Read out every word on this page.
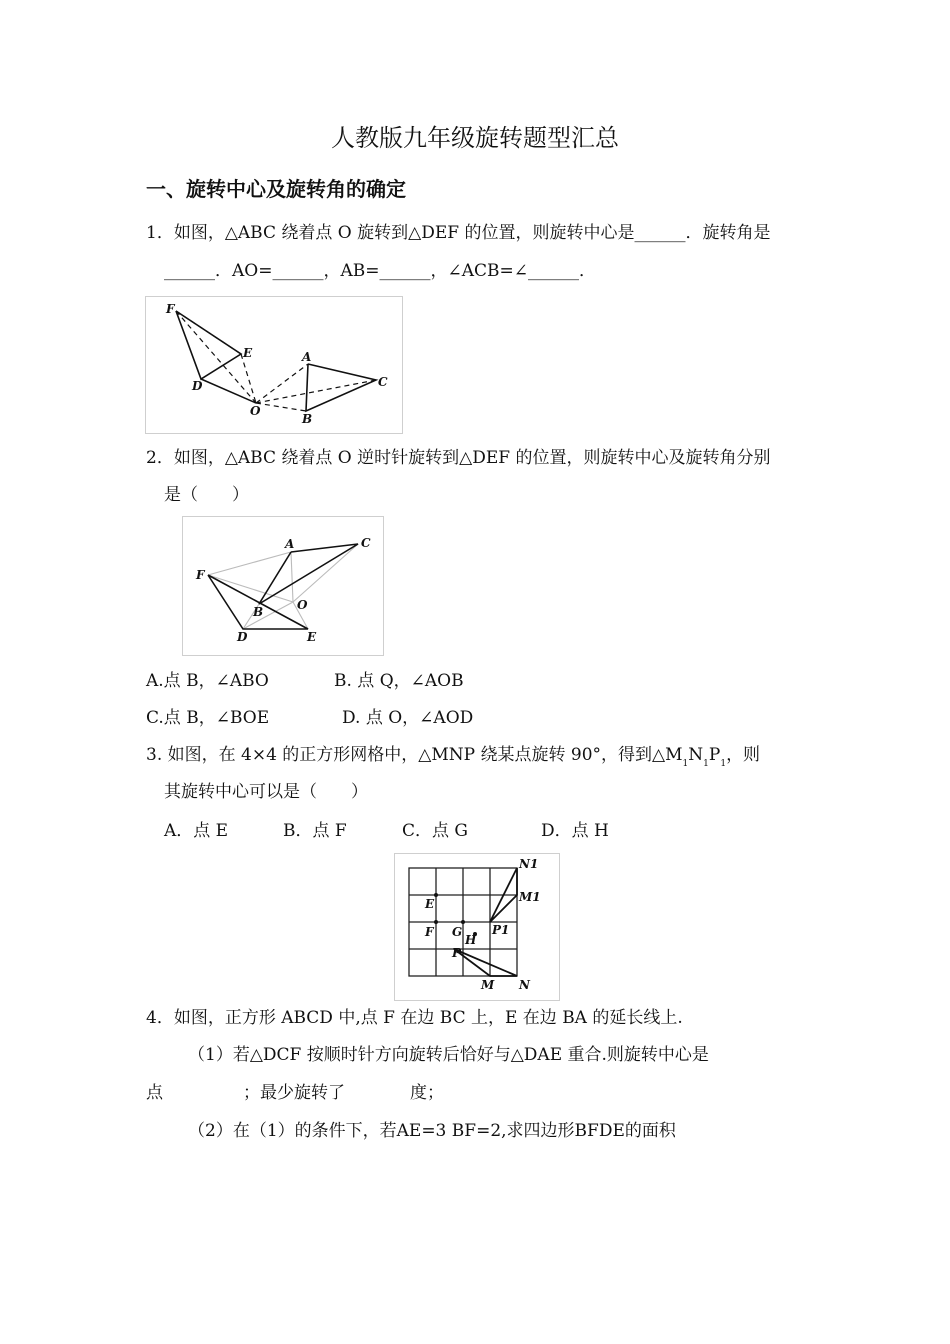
人教版九年级旋转题型汇总
一、旋转中心及旋转角的确定
1．如图，△ABC 绕着点 O 旋转到△DEF 的位置，则旋转中心是______．旋转角是
______．AO=______，AB=______，∠ACB=∠______．
F
E
D
O
A
B
C
2．如图，△ABC 绕着点 O 逆时针旋转到△DEF 的位置，则旋转中心及旋转角分别
是（　　）
A	C
F
B	O
D	E
A.点 B，∠ABO	B. 点 Q，∠AOB
C.点 B，∠BOE	D. 点 O，∠AOD
3. 如图，在 4×4 的正方形网格中，△MNP 绕某点旋转 90°，得到$\triangle M_1N_1P_1$，则
其旋转中心可以是（　　）
A．点 E	B．点 F	C．点 G	D．点 H
N1
M1
E
F G
H
P1
P
M N
4．如图，正方形 ABCD 中,点 F 在边 BC 上，E 在边 BA 的延长线上.
（1）若△DCF 按顺时针方向旋转后恰好与△DAE 重合.则旋转中心是
点	；最少旋转了	度；
（2）在（1）的条件下，若AE=3 BF=2,求四边形BFDE的面积
